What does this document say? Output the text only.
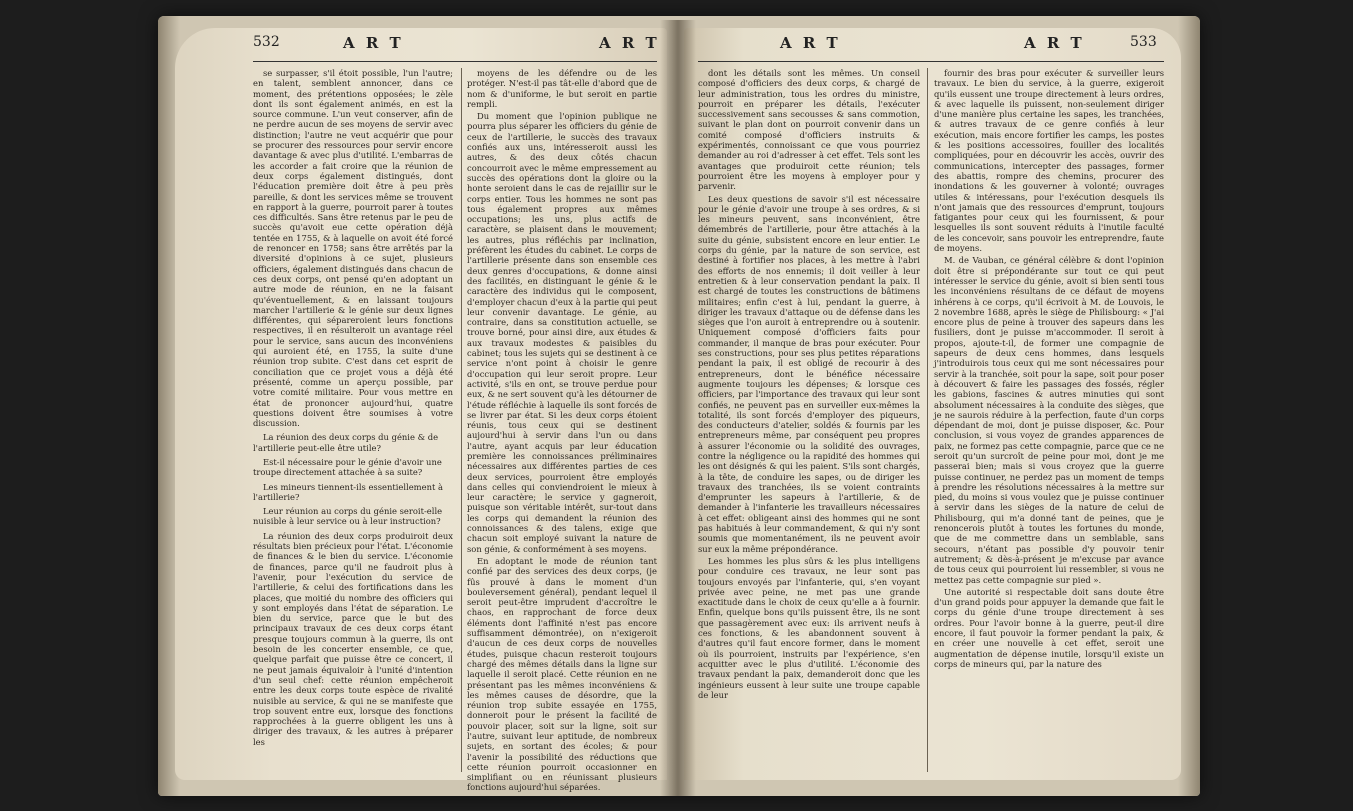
532	A R T	A R T

se surpasser, s'il étoit possible, l'un l'autre; en talent, semblent annoncer, dans ce moment, des prétentions opposées; le zèle dont ils sont également animés, en est la source commune. L'un veut conserver, afin de ne perdre aucun de ses moyens de servir avec distinction; l'autre ne veut acquérir que pour se procurer des ressources pour servir encore davantage & avec plus d'utilité. L'embarras de les accorder a fait croire que la réunion de deux corps également distingués, dont l'éducation première doit être à peu près pareille, & dont les services même se trouvent en rapport à la guerre, pourroit parer à toutes ces difficultés. Sans être retenus par le peu de succès qu'avoit eue cette opération déjà tentée en 1755, & à laquelle on avoit été forcé de renoncer en 1758; sans être arrêtés par la diversité d'opinions à ce sujet, plusieurs officiers, également distingués dans chacun de ces deux corps, ont pensé qu'en adoptant un autre mode de réunion, en ne la faisant qu'éventuellement, & en laissant toujours marcher l'artillerie & le génie sur deux lignes différentes, qui sépareroient leurs fonctions respectives, il en résulteroit un avantage réel pour le service, sans aucun des inconvéniens qui auroient été, en 1755, la suite d'une réunion trop subite. C'est dans cet esprit de conciliation que ce projet vous a déjà été présenté, comme un aperçu possible, par votre comité militaire. Pour vous mettre en état de prononcer aujourd'hui, quatre questions doivent être soumises à votre discussion.

La réunion des deux corps du génie & de l'artillerie peut-elle être utile?

Est-il nécessaire pour le génie d'avoir une troupe directement attachée à sa suite?

Les mineurs tiennent-ils essentiellement à l'artillerie?

Leur réunion au corps du génie seroit-elle nuisible à leur service ou à leur instruction?

La réunion des deux corps produiroit deux résultats bien précieux pour l'état. L'économie de finances & le bien du service. L'économie de finances, parce qu'il ne faudroit plus à l'avenir, pour l'exécution du service de l'artillerie, & celui des fortifications dans les places, que moitié du nombre des officiers qui y sont employés dans l'état de séparation. Le bien du service, parce que le but des principaux travaux de ces deux corps étant presque toujours commun à la guerre, ils ont besoin de les concerter ensemble, ce que, quelque parfait que puisse être ce concert, il ne peut jamais équivaloir à l'unité d'intention d'un seul chef: cette réunion empêcheroit entre les deux corps toute espèce de rivalité nuisible au service, & qui ne se manifeste que trop souvent entre eux, lorsque des fonctions rapprochées à la guerre obligent les uns à diriger des travaux, & les autres à préparer les

moyens de les défendre ou de les protéger. N'est-il pas tât-elle d'abord que de nom & d'uniforme, le but seroit en partie rempli.

Du moment que l'opinion publique ne pourra plus séparer les officiers du génie de ceux de l'artillerie, le succès des travaux confiés aux uns, intéresseroit aussi les autres, & des deux côtés chacun concourroit avec le même empressement au succès des opérations dont la gloire ou la honte seroient dans le cas de rejaillir sur le corps entier. Tous les hommes ne sont pas tous également propres aux mêmes occupations; les uns, plus actifs de caractère, se plaisent dans le mouvement; les autres, plus réfléchis par inclination, préfèrent les études du cabinet. Le corps de l'artillerie présente dans son ensemble ces deux genres d'occupations, & donne ainsi des facilités, en distinguant le génie & le caractère des individus qui le composent, d'employer chacun d'eux à la partie qui peut leur convenir davantage. Le génie, au contraire, dans sa constitution actuelle, se trouve borné, pour ainsi dire, aux études & aux travaux modestes & paisibles du cabinet; tous les sujets qui se destinent à ce service n'ont point à choisir le genre d'occupation qui leur seroit propre. Leur activité, s'ils en ont, se trouve perdue pour eux, & ne sert souvent qu'à les détourner de l'étude réfléchie à laquelle ils sont forcés de se livrer par état. Si les deux corps étoient réunis, tous ceux qui se destinent aujourd'hui à servir dans l'un ou dans l'autre, ayant acquis par leur éducation première les connoissances préliminaires nécessaires aux différentes parties de ces deux services, pourroient être employés dans celles qui conviendroient le mieux à leur caractère; le service y gagneroit, puisque son véritable intérêt, sur-tout dans les corps qui demandent la réunion des connoissances & des talens, exige que chacun soit employé suivant la nature de son génie, & conformément à ses moyens.

En adoptant le mode de réunion tant confié par des services des deux corps, (je fûs prouvé à dans le moment d'un bouleversement général), pendant lequel il seroit peut-être imprudent d'accroître le chaos, en rapprochant de force deux éléments dont l'affinité n'est pas encore suffisamment démontrée), on n'exigeroit d'aucun de ces deux corps de nouvelles études, puisque chacun resteroit toujours chargé des mêmes détails dans la ligne sur laquelle il seroit placé. Cette réunion en ne présentant pas les mêmes inconvéniens & les mêmes causes de désordre, que la réunion trop subite essayée en 1755, donneroit pour le présent la facilité de pouvoir placer, soit sur la ligne, soit sur l'autre, suivant leur aptitude, de nombreux sujets, en sortant des écoles; & pour l'avenir la possibilité des réductions que cette réunion pourroit occasionner en simplifiant ou en réunissant plusieurs fonctions aujourd'hui séparées.

A R T	A R T	533

dont les détails sont les mêmes. Un conseil composé d'officiers des deux corps, & chargé de leur administration, tous les ordres du ministre, pourroit en préparer les détails, l'exécuter successivement sans secousses & sans commotion, suivant le plan dont on pourroit convenir dans un comité composé d'officiers instruits & expérimentés, connoissant ce que vous pourriez demander au roi d'adresser à cet effet. Tels sont les avantages que produiroit cette réunion; tels pourroient être les moyens à employer pour y parvenir.

Les deux questions de savoir s'il est nécessaire pour le génie d'avoir une troupe à ses ordres, & si les mineurs peuvent, sans inconvénient, être démembrés de l'artillerie, pour être attachés à la suite du génie, subsistent encore en leur entier. Le corps du génie, par la nature de son service, est destiné à fortifier nos places, à les mettre à l'abri des efforts de nos ennemis; il doit veiller à leur entretien & à leur conservation pendant la paix. Il est chargé de toutes les constructions de bâtimens militaires; enfin c'est à lui, pendant la guerre, à diriger les travaux d'attaque ou de défense dans les sièges que l'on auroit à entreprendre ou à soutenir. Uniquement composé d'officiers faits pour commander, il manque de bras pour exécuter. Pour ses constructions, pour ses plus petites réparations pendant la paix, il est obligé de recourir à des entrepreneurs, dont le bénéfice nécessaire augmente toujours les dépenses; & lorsque ces officiers, par l'importance des travaux qui leur sont confiés, ne peuvent pas en surveiller eux-mêmes la totalité, ils sont forcés d'employer des piqueurs, des conducteurs d'atelier, soldés & fournis par les entrepreneurs même, par conséquent peu propres à assurer l'économie ou la solidité des ouvrages, contre la négligence ou la rapidité des hommes qui les ont désignés & qui les paient. S'ils sont chargés, à la tête, de conduire les sapes, ou de diriger les travaux des tranchées, ils se voient contraints d'emprunter les sapeurs à l'artillerie, & de demander à l'infanterie les travailleurs nécessaires à cet effet: obligeant ainsi des hommes qui ne sont pas habitués à leur commandement, & qui n'y sont soumis que momentanément, ils ne peuvent avoir sur eux la même prépondérance.

Les hommes les plus sûrs & les plus intelligens pour conduire ces travaux, ne leur sont pas toujours envoyés par l'infanterie, qui, s'en voyant privée avec peine, ne met pas une grande exactitude dans le choix de ceux qu'elle a à fournir. Enfin, quelque bons qu'ils puissent être, ils ne sont que passagèrement avec eux: ils arrivent neufs à ces fonctions, & les abandonnent souvent à d'autres qu'il faut encore former, dans le moment où ils pourroient, instruits par l'expérience, s'en acquitter avec le plus d'utilité. L'économie des travaux pendant la paix, demanderoit donc que les ingénieurs eussent à leur suite une troupe capable de leur

fournir des bras pour exécuter & surveiller leurs travaux. Le bien du service, à la guerre, exigeroit qu'ils eussent une troupe directement à leurs ordres, & avec laquelle ils puissent, non-seulement diriger d'une manière plus certaine les sapes, les tranchées, & autres travaux de ce genre confiés à leur exécution, mais encore fortifier les camps, les postes & les positions accessoires, fouiller des localités compliquées, pour en découvrir les accès, ouvrir des communications, intercepter des passages, former des abattis, rompre des chemins, procurer des inondations & les gouverner à volonté; ouvrages utiles & intéressans, pour l'exécution desquels ils n'ont jamais que des ressources d'emprunt, toujours fatigantes pour ceux qui les fournissent, & pour lesquelles ils sont souvent réduits à l'inutile faculté de les concevoir, sans pouvoir les entreprendre, faute de moyens.

M. de Vauban, ce général célèbre & dont l'opinion doit être si prépondérante sur tout ce qui peut intéresser le service du génie, avoit si bien senti tous les inconvéniens résultans de ce défaut de moyens inhérens à ce corps, qu'il écrivoit à M. de Louvois, le 2 novembre 1688, après le siège de Philisbourg: « J'ai encore plus de peine à trouver des sapeurs dans les fusiliers, dont je puisse m'accommoder. Il seroit à propos, ajoute-t-il, de former une compagnie de sapeurs de deux cens hommes, dans lesquels j'introduirois tous ceux qui me sont nécessaires pour servir à la tranchée, soit pour la sape, soit pour poser à découvert & faire les passages des fossés, régler les gabions, fascines & autres minuties qui sont absolument nécessaires à la conduite des sièges, que je ne saurois réduire à la perfection, faute d'un corps dépendant de moi, dont je puisse disposer, &c. Pour conclusion, si vous voyez de grandes apparences de paix, ne formez pas cette compagnie, parce que ce ne seroit qu'un surcroît de peine pour moi, dont je me passerai bien; mais si vous croyez que la guerre puisse continuer, ne perdez pas un moment de temps à prendre les résolutions nécessaires à la mettre sur pied, du moins si vous voulez que je puisse continuer à servir dans les sièges de la nature de celui de Philisbourg, qui m'a donné tant de peines, que je renoncerois plutôt à toutes les fortunes du monde, que de me commettre dans un semblable, sans secours, n'étant pas possible d'y pouvoir tenir autrement; & dès-à-présent je m'excuse par avance de tous ceux qui pourroient lui ressembler, si vous ne mettez pas cette compagnie sur pied ».

Une autorité si respectable doit sans doute être d'un grand poids pour appuyer la demande que fait le corps du génie d'une troupe directement à ses ordres. Pour l'avoir bonne à la guerre, peut-il dire encore, il faut pouvoir la former pendant la paix, & en créer une nouvelle à cet effet, seroit une augmentation de dépense inutile, lorsqu'il existe un corps de mineurs qui, par la nature des
